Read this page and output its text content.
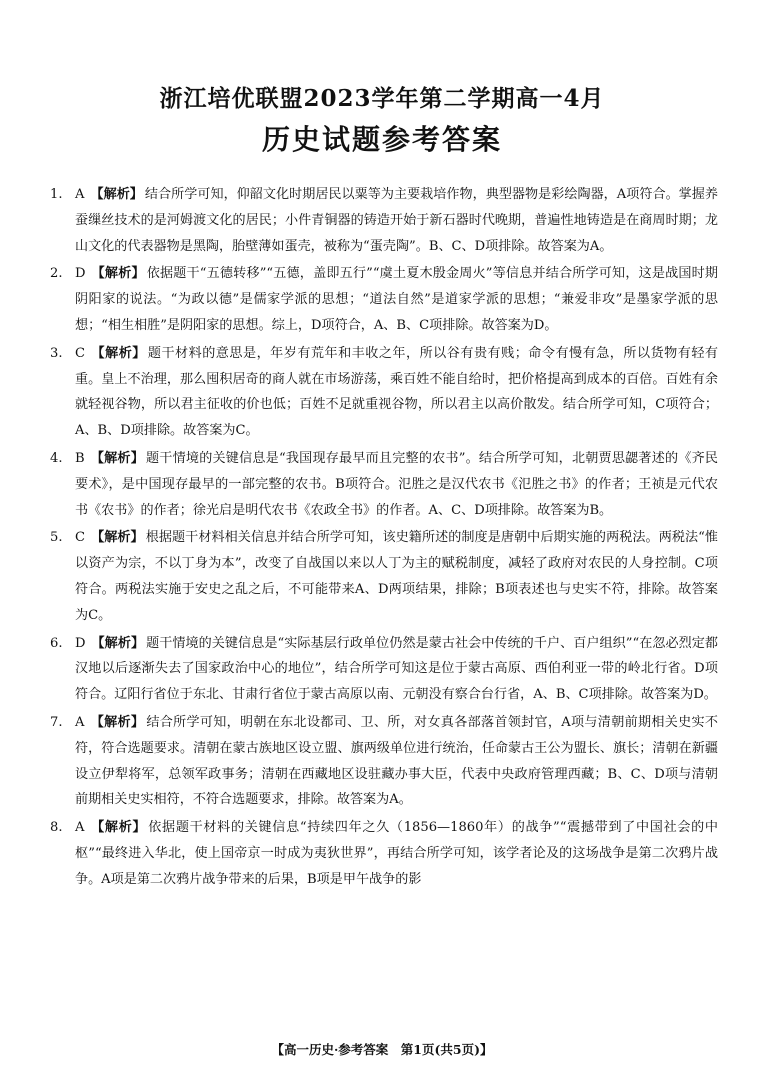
浙江培优联盟2023学年第二学期高一4月
历史试题参考答案

1. A 【解析】 结合所学可知，仰韶文化时期居民以粟等为主要栽培作物，典型器物是彩绘陶器，A项符合。掌握养蚕缫丝技术的是河姆渡文化的居民；小件青铜器的铸造开始于新石器时代晚期，普遍性地铸造是在商周时期；龙山文化的代表器物是黑陶，胎壁薄如蛋壳，被称为“蛋壳陶”。B、C、D项排除。故答案为A。

2. D 【解析】 依据题干“五德转移”“五德，盖即五行”“虞土夏木殷金周火”等信息并结合所学可知，这是战国时期阴阳家的说法。“为政以德”是儒家学派的思想；“道法自然”是道家学派的思想；“兼爱非攻”是墨家学派的思想；“相生相胜”是阴阳家的思想。综上，D项符合，A、B、C项排除。故答案为D。

3. C 【解析】 题干材料的意思是，年岁有荒年和丰收之年，所以谷有贵有贱；命令有慢有急，所以货物有轻有重。皇上不治理，那么囤积居奇的商人就在市场游荡，乘百姓不能自给时，把价格提高到成本的百倍。百姓有余就轻视谷物，所以君主征收的价也低；百姓不足就重视谷物，所以君主以高价散发。结合所学可知，C项符合；A、B、D项排除。故答案为C。

4. B 【解析】 题干情境的关键信息是“我国现存最早而且完整的农书”。结合所学可知，北朝贾思勰著述的《齐民要术》，是中国现存最早的一部完整的农书。B项符合。氾胜之是汉代农书《氾胜之书》的作者；王祯是元代农书《农书》的作者；徐光启是明代农书《农政全书》的作者。A、C、D项排除。故答案为B。

5. C 【解析】 根据题干材料相关信息并结合所学可知，该史籍所述的制度是唐朝中后期实施的两税法。两税法“惟以资产为宗，不以丁身为本”，改变了自战国以来以人丁为主的赋税制度，减轻了政府对农民的人身控制。C项符合。两税法实施于安史之乱之后，不可能带来A、D两项结果，排除；B项表述也与史实不符，排除。故答案为C。

6. D 【解析】 题干情境的关键信息是“实际基层行政单位仍然是蒙古社会中传统的千户、百户组织”“在忽必烈定都汉地以后逐渐失去了国家政治中心的地位”，结合所学可知这是位于蒙古高原、西伯利亚一带的岭北行省。D项符合。辽阳行省位于东北、甘肃行省位于蒙古高原以南、元朝没有察合台行省，A、B、C项排除。故答案为D。

7. A 【解析】 结合所学可知，明朝在东北设都司、卫、所，对女真各部落首领封官，A项与清朝前期相关史实不符，符合选题要求。清朝在蒙古族地区设立盟、旗两级单位进行统治，任命蒙古王公为盟长、旗长；清朝在新疆设立伊犁将军，总领军政事务；清朝在西藏地区设驻藏办事大臣，代表中央政府管理西藏；B、C、D项与清朝前期相关史实相符，不符合选题要求，排除。故答案为A。

8. A 【解析】 依据题干材料的关键信息“持续四年之久（1856—1860年）的战争”“震撼带到了中国社会的中枢”“最终进入华北，使上国帝京一时成为夷狄世界”，再结合所学可知，该学者论及的这场战争是第二次鸦片战争。A项是第二次鸦片战争带来的后果，B项是甲午战争的影

【高一历史·参考答案　第1页(共5页)】
